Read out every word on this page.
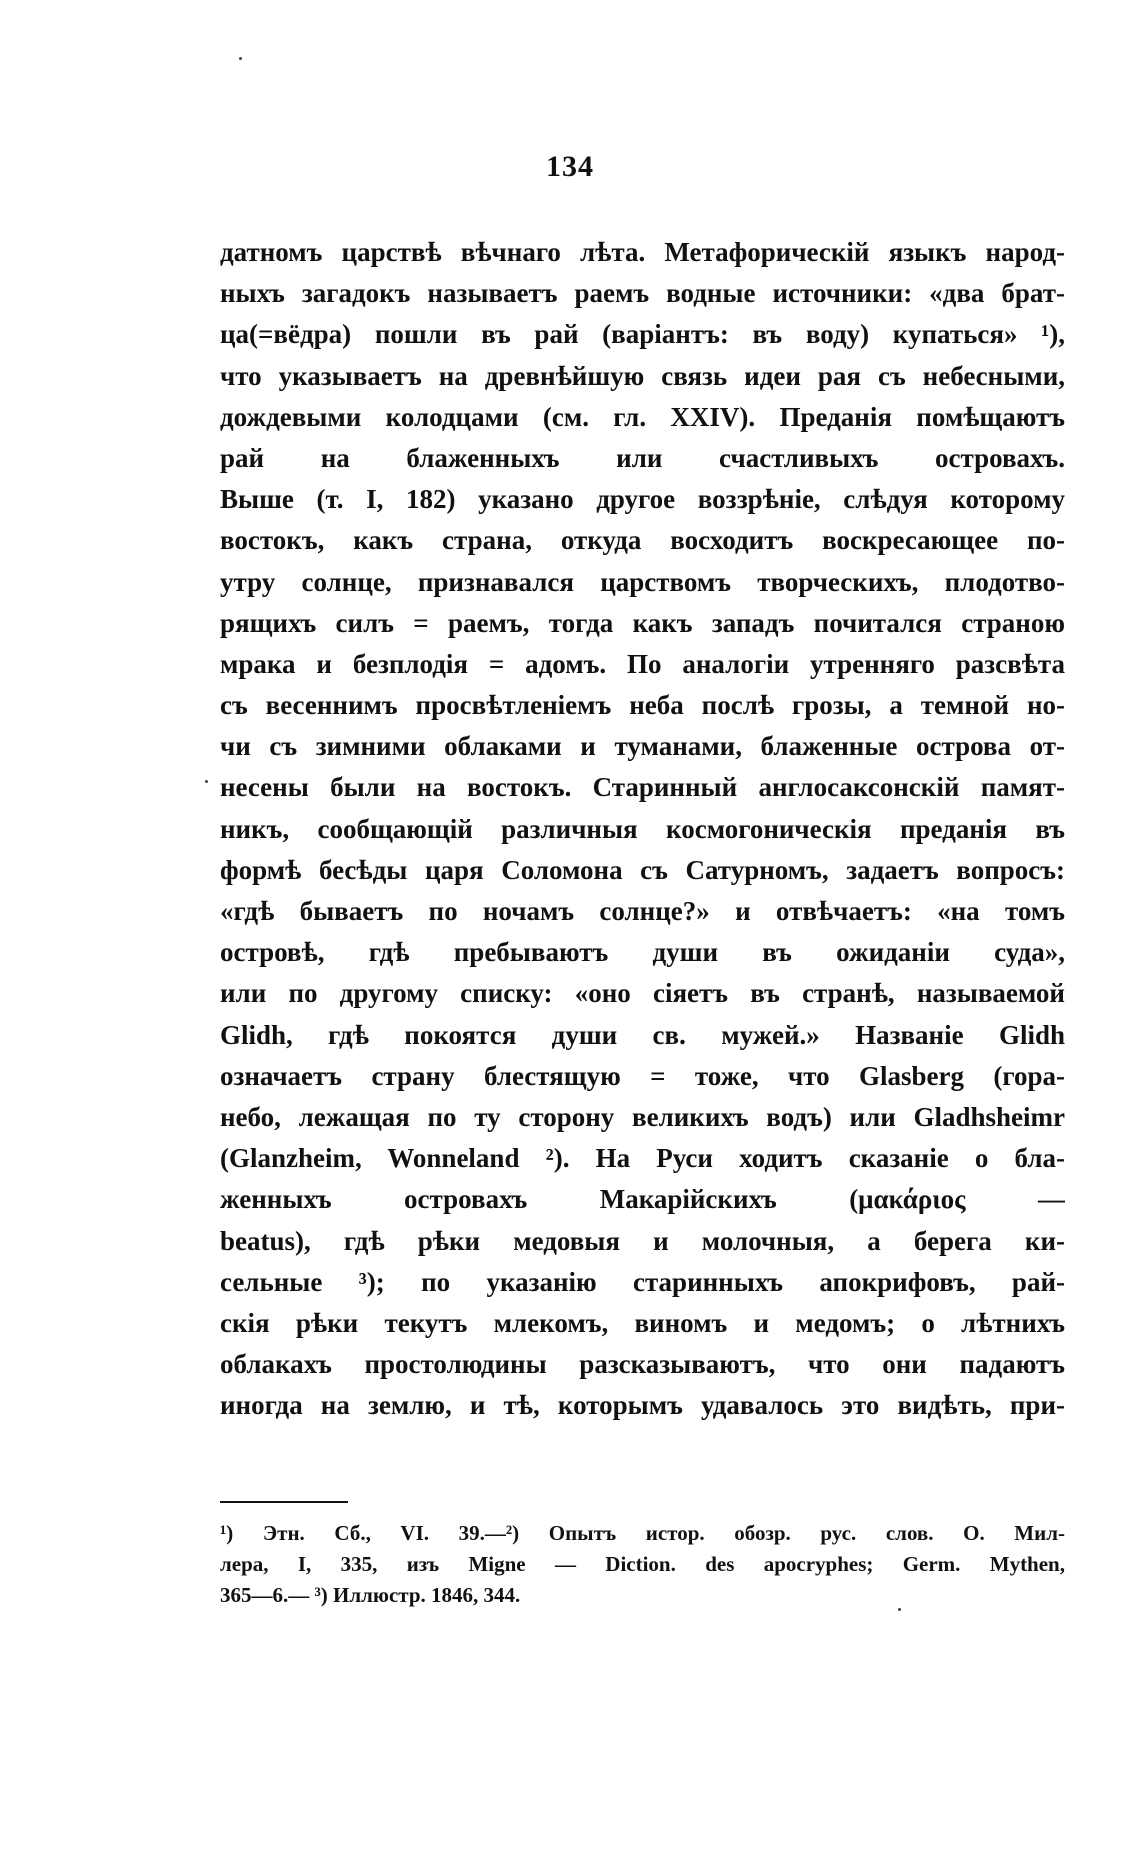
134
датномъ царствѣ вѣчнаго лѣта. Метафорическій языкъ народ-
ныхъ загадокъ называетъ раемъ водные источники: «два брат-
ца(=вёдра) пошли въ рай (варіантъ: въ воду) купаться» ¹),
что указываетъ на древнѣйшую связь идеи рая съ небесными,
дождевыми колодцами (см. гл. XXIV). Преданія помѣщаютъ
рай на блаженныхъ или счастливыхъ островахъ.
Выше (т. I, 182) указано другое воззрѣніе, слѣдуя которому
востокъ, какъ страна, откуда восходитъ воскресающее по-
утру солнце, признавался царствомъ творческихъ, плодотво-
рящихъ силъ = раемъ, тогда какъ западъ почитался страною
мрака и безплодія = адомъ. По аналогіи утренняго разсвѣта
съ весеннимъ просвѣтленіемъ неба послѣ грозы, а темной но-
чи съ зимними облаками и туманами, блаженные острова от-
несены были на востокъ. Старинный англосаксонскій памят-
никъ, сообщающій различныя космогоническія преданія въ
формѣ бесѣды царя Соломона съ Сатурномъ, задаетъ вопросъ:
«гдѣ бываетъ по ночамъ солнце?» и отвѣчаетъ: «на томъ
островѣ, гдѣ пребываютъ души въ ожиданіи суда»,
или по другому списку: «оно сіяетъ въ странѣ, называемой
Glidh, гдѣ покоятся души св. мужей.» Названіе Glidh
означаетъ страну блестящую = тоже, что Glasberg (гора-
небо, лежащая по ту сторону великихъ водъ) или Gladhsheimr
(Glanzheim, Wonneland ²). На Руси ходитъ сказаніе о бла-
женныхъ островахъ Макарійскихъ (μακάριος —
beatus), гдѣ рѣки медовыя и молочныя, а берега ки-
сельные ³); по указанію старинныхъ апокрифовъ, рай-
скія рѣки текутъ млекомъ, виномъ и медомъ; о лѣтнихъ
облакахъ простолюдины разсказываютъ, что они падаютъ
иногда на землю, и тѣ, которымъ удавалось это видѣть, при-
¹) Этн. Сб., VI. 39.—²) Опытъ истор. обозр. рус. слов. О. Мил-
лера, I, 335, изъ Migne — Diction. des apocryphes; Germ. Mythen,
365—6.— ³) Иллюстр. 1846, 344.
